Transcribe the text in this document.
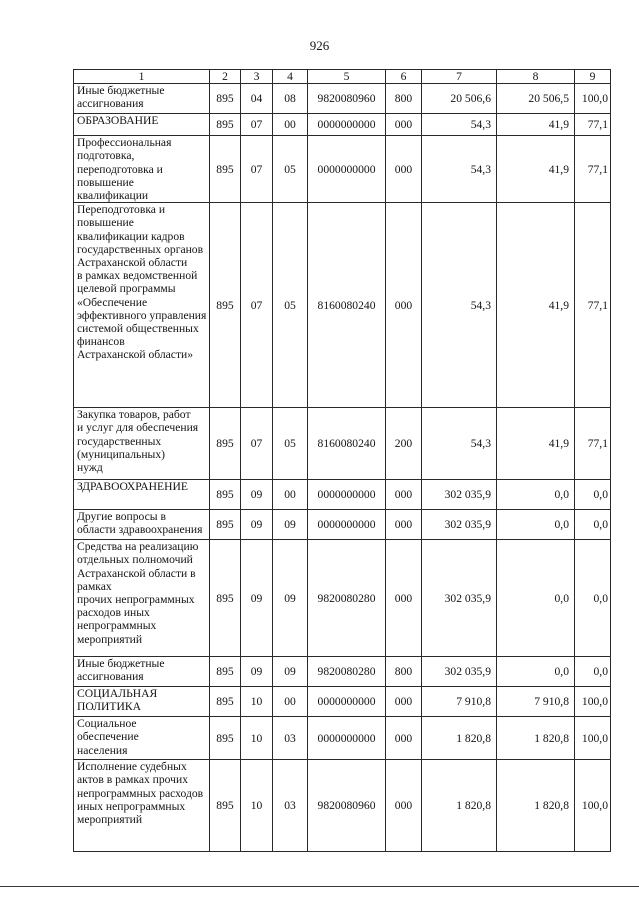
926
1	2	3	4	5	6	7	8	9
Иные бюджетные
ассигнования	895	04	08	9820080960	800	20 506,6	20 506,5	100,0
ОБРАЗОВАНИЕ	895	07	00	0000000000	000	54,3	41,9	77,1
Профессиональная
подготовка, переподготовка и повышение
квалификации	895	07	05	0000000000	000	54,3	41,9	77,1
Переподготовка и повышение квалификации кадров государственных органов
Астраханской области
в рамках ведомственной целевой программы «Обеспечение эффективного управления системой общественных финансов
Астраханской области»	895	07	05	8160080240	000	54,3	41,9	77,1
Закупка товаров, работ
и услуг для обеспечения государственных
(муниципальных)
нужд	895	07	05	8160080240	200	54,3	41,9	77,1
ЗДРАВООХРАНЕНИЕ	895	09	00	0000000000	000	302 035,9	0,0	0,0
Другие вопросы в области здравоохранения	895	09	09	0000000000	000	302 035,9	0,0	0,0
Средства на реализацию отдельных полномочий Астраханской области в рамках
прочих непрограммных расходов иных
непрограммных мероприятий	895	09	09	9820080280	000	302 035,9	0,0	0,0
Иные бюджетные
ассигнования	895	09	09	9820080280	800	302 035,9	0,0	0,0
СОЦИАЛЬНАЯ
ПОЛИТИКА	895	10	00	0000000000	000	7 910,8	7 910,8	100,0
Социальное
обеспечение
населения	895	10	03	0000000000	000	1 820,8	1 820,8	100,0
Исполнение судебных
актов в рамках прочих
непрограммных расходов иных непрограммных мероприятий	895	10	03	9820080960	000	1 820,8	1 820,8	100,0
